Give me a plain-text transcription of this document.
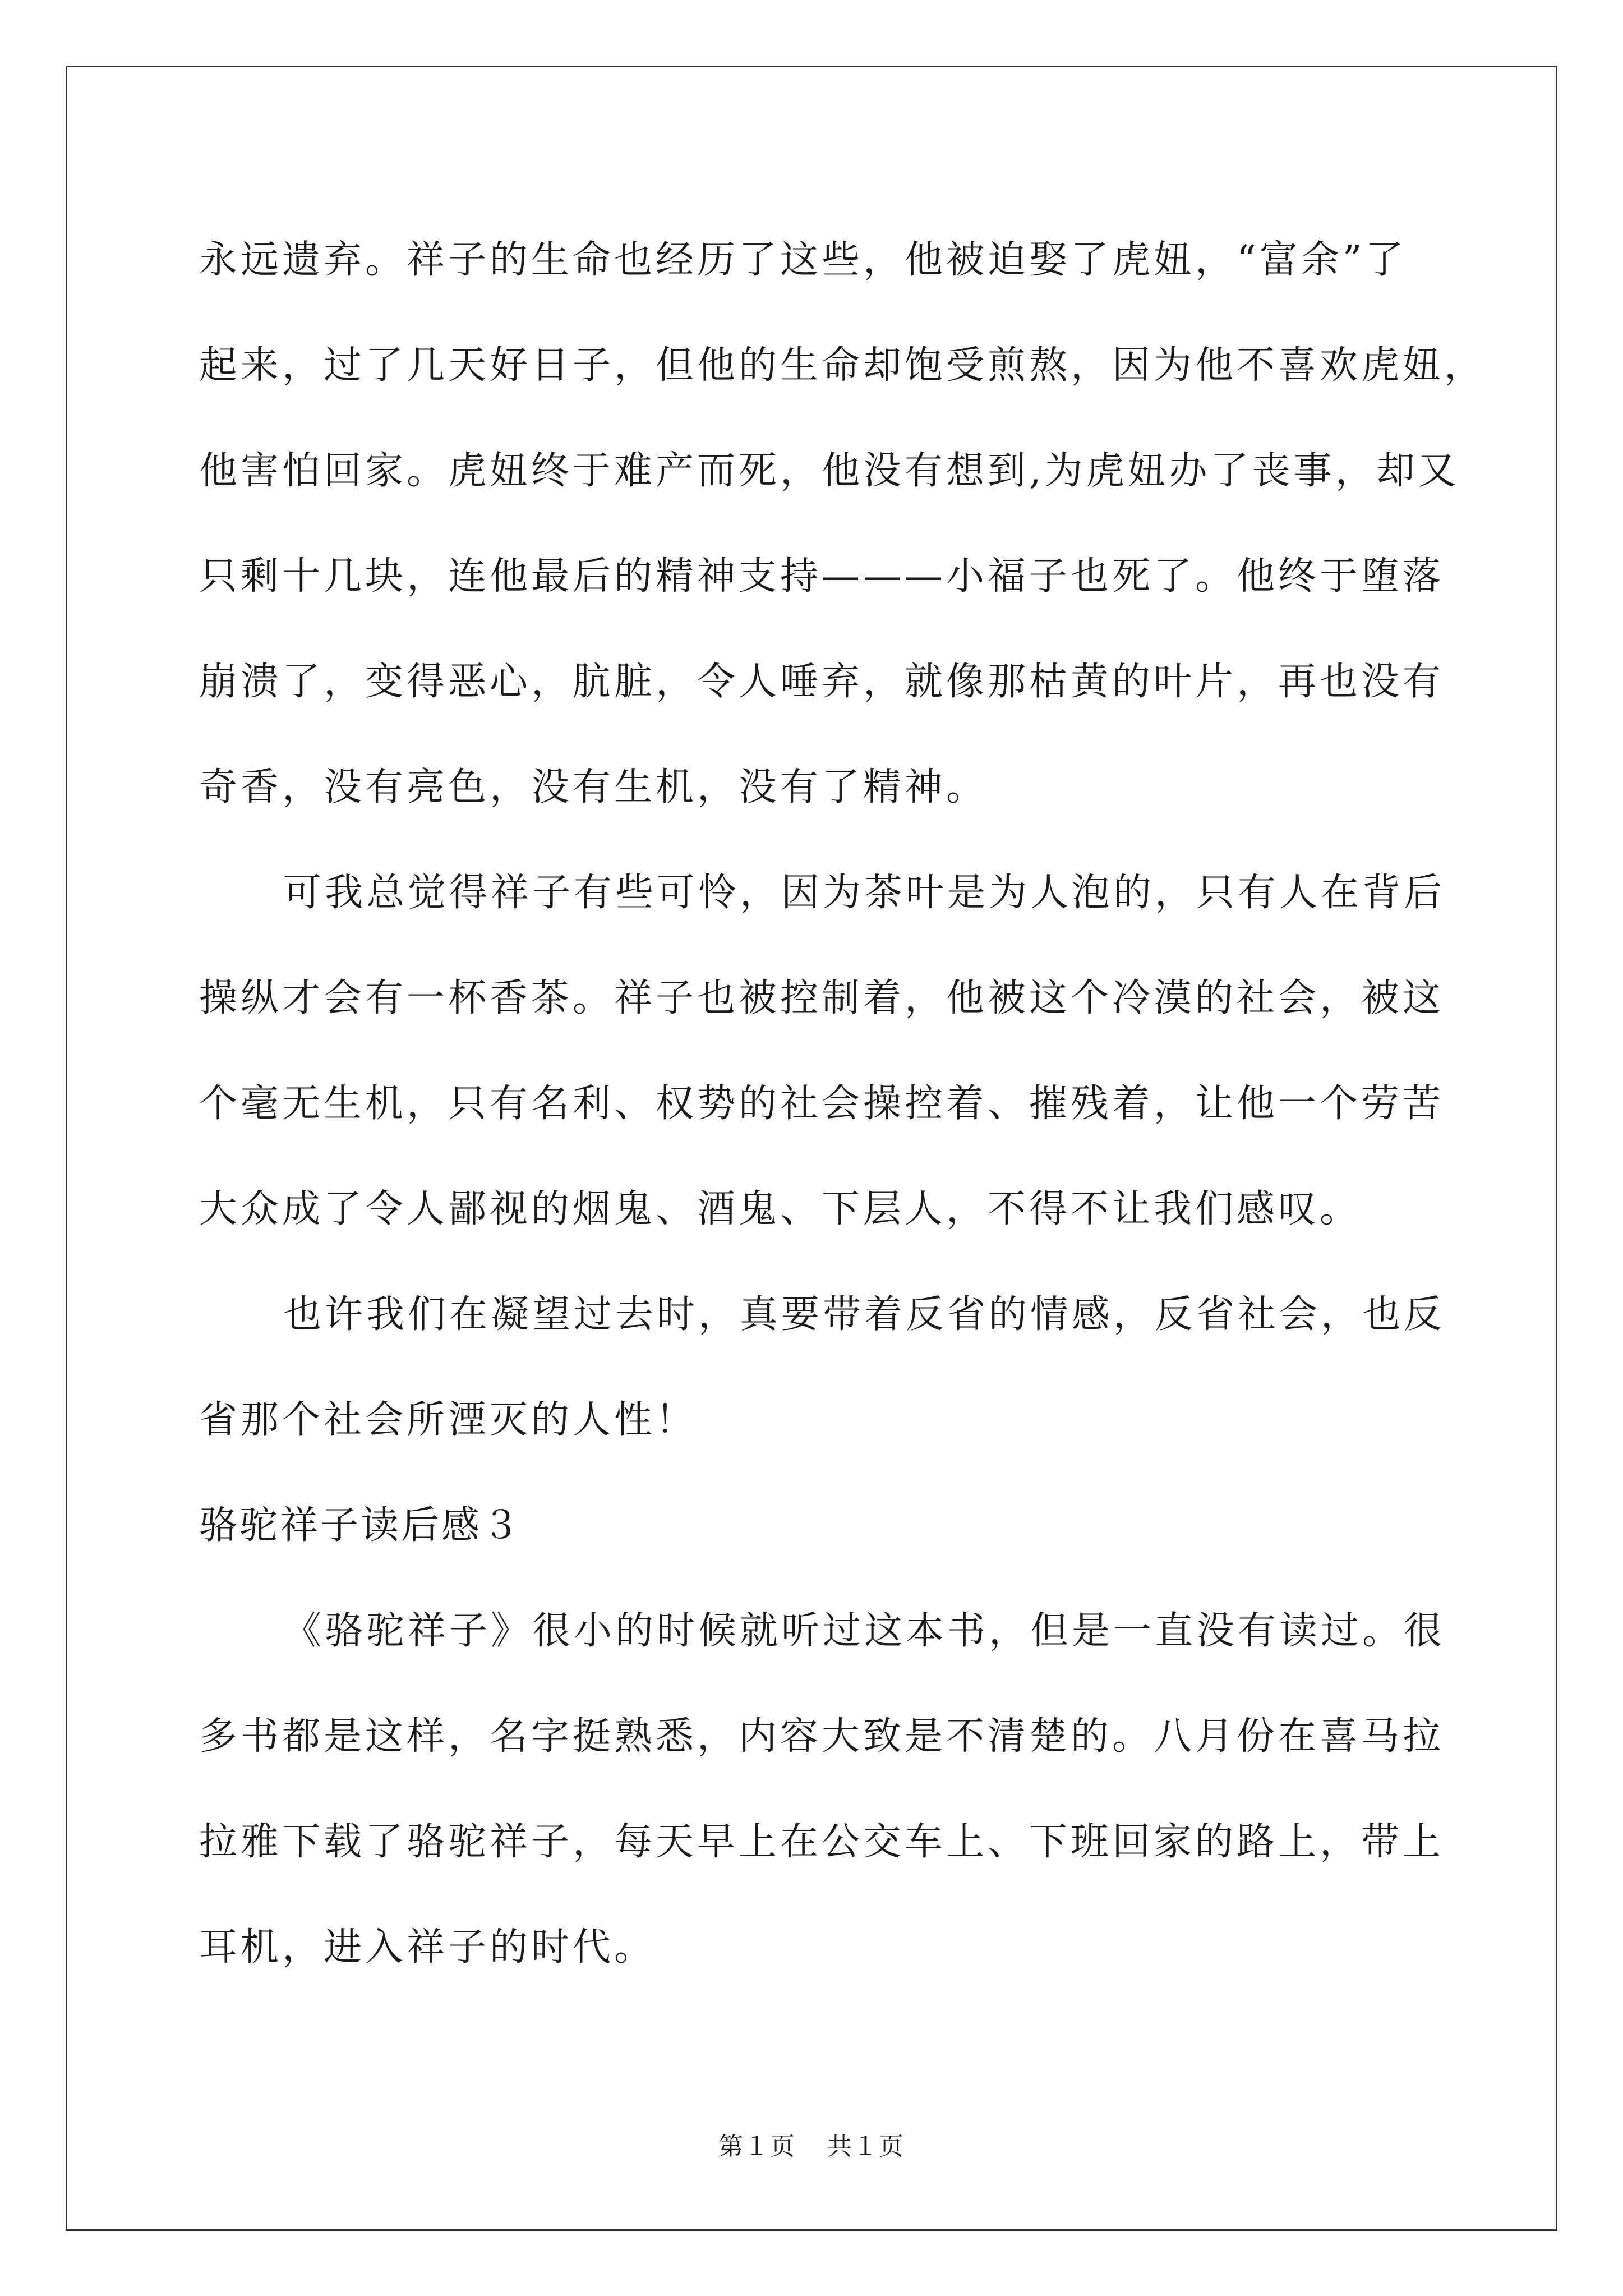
永远遗弃。祥子的生命也经历了这些，他被迫娶了虎妞，“富余”了
起来，过了几天好日子，但他的生命却饱受煎熬，因为他不喜欢虎妞，
他害怕回家。虎妞终于难产而死，他没有想到,为虎妞办了丧事，却又
只剩十几块，连他最后的精神支持———小福子也死了。他终于堕落
崩溃了，变得恶心，肮脏，令人唾弃，就像那枯黄的叶片，再也没有
奇香，没有亮色，没有生机，没有了精神。
可我总觉得祥子有些可怜，因为茶叶是为人泡的，只有人在背后
操纵才会有一杯香茶。祥子也被控制着，他被这个冷漠的社会，被这
个毫无生机，只有名利、权势的社会操控着、摧残着，让他一个劳苦
大众成了令人鄙视的烟鬼、酒鬼、下层人，不得不让我们感叹。
也许我们在凝望过去时，真要带着反省的情感，反省社会，也反
省那个社会所湮灭的人性！
骆驼祥子读后感３
《骆驼祥子》很小的时候就听过这本书，但是一直没有读过。很
多书都是这样，名字挺熟悉，内容大致是不清楚的。八月份在喜马拉
拉雅下载了骆驼祥子，每天早上在公交车上、下班回家的路上，带上
耳机，进入祥子的时代。
第１页 共１页
